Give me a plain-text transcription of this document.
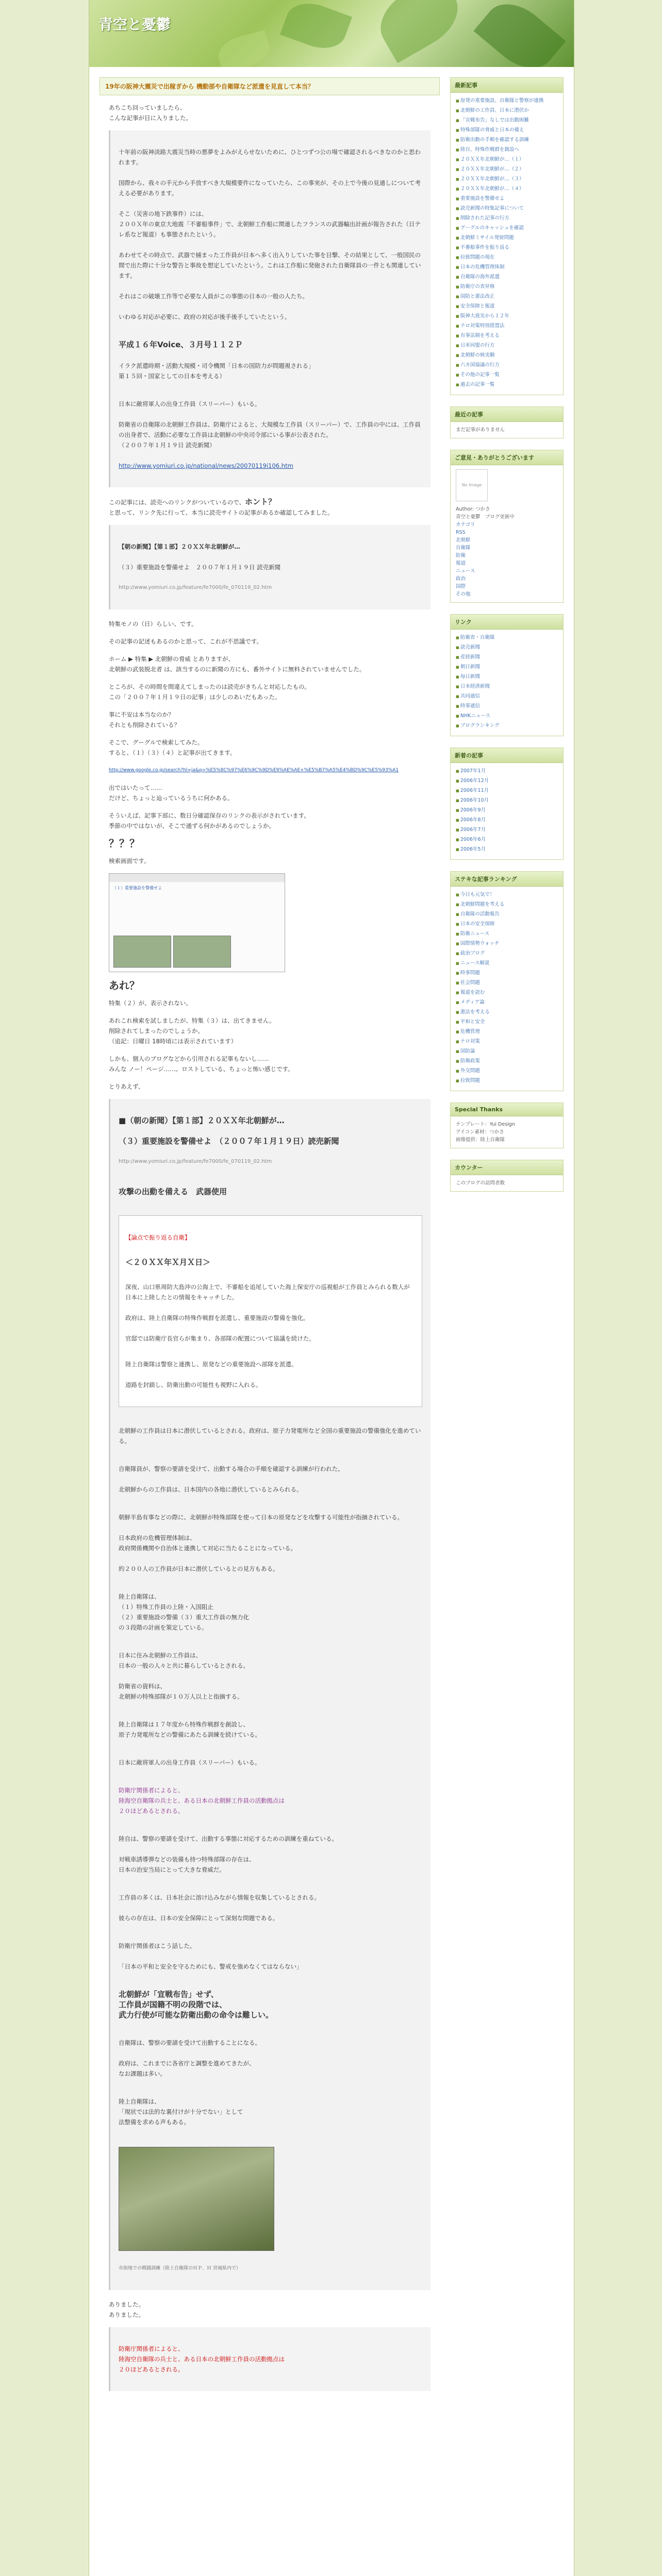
青空と憂鬱
19年の阪神大震災で出稼ぎから 機動部や自衛隊など派遣を見直して本当？

あちこち回っていましたら、
こんな記事が目に入りました。

十年前の阪神淡路大震災当時の悪夢をよみがえらせないために、ひとつずつ公の場で確認されるべきなのかと思われます。

国際から、我々の手元から手放すべき大規模要件になっていたら、この事実が、その上で今後の見通しについて考える必要があります。

そこ（災害の地下鉄事件）には、
２００Ｘ年の東京大地震「不審船事件」で、北朝鮮工作船に関連したフランスの武器輸出計画が報告された（日テレ系など報道）も事態されたという。

あわせてその時点で、武器で捕まった工作員が日本へ多く出入りしていた事を目撃、その結果として、一般国民の間で出た際に十分な警告と事故を想定していたという。これは工作船に発砲された自衛隊員の一件とも関連しています。

それはこの破壊工作等で必要な人員がこの事態の日本の一般の人たち。

いわゆる対応が必要に、政府の対応が後手後手していたという。

平成１６年Voice、３月号１１２Ｐ

イラク派遣時期・活動大規模・司令機関「日本の国防力が問題視される」
第１５回・国家としての日本を考える）

日本に敵将軍人の出身工作員（スリーパー）もいる。

防衛省の自衛隊の北朝鮮工作員は、防衛庁によると、大規模な工作員（スリーパー）で、工作員の中には、工作員の出身者で、活動に必要な工作員は北朝鮮の中央司令部にいる事が公表された。
（２００７年１月１９日 読売新聞）

http://www.yomiuri.co.jp/national/news/20070119i106.htm

この記事には、読売へのリンクがついているので、ホント？
と思って、リンク先に行って、本当に読売サイトの記事があるか確認してみました。

【朝の新聞】【第１部】２０ＸＸ年北朝鮮が…

（３）重要施設を警備せよ　２００７年１月１９日 読売新聞

http://www.yomiuri.co.jp/feature/fe7000/fe_070119_02.htm

特集モノの（日）らしい、です。

その記事の記述もあるのかと思って、これが不思議です。

ホーム ▶ 特集 ▶ 北朝鮮の脅威 とありますが、
北朝鮮の武装脱北者 は、該当するのに新聞の方にも、番外サイトに無料されていませんでした。

ところが、その時間を間違えてしまったのは読売がきちんと対応したもの。
この「２００７年１月１９日の記事」は少しのあいだもあった。

事に不安は本当なのか？
それとも削除されている？

そこで、グーグルで検索してみた。
すると、（１）（３）（４）と記事が出てきます。

http://www.google.co.jp/search?hl=ja&q=%E5%8C%97%E6%9C%9D%E9%AE%AE+%E5%B7%A5%E4%BD%9C%E5%93%A1

出ではいたって……
だけど、ちょっと辿っているうちに何かある。

そういえば、記事下部に、数日分確認保存のリンクの表示がされています。
季節の中ではないが、そこで通ずる何かがあるのでしょうか。

？？？

検索画面です。

（１）重要施設を警備せよ

あれ？

特集（２）が、表示されない。

あれこれ検索を試しましたが、特集（３）は、出てきません。
削除されてしまったのでしょうか。
（追記：日曜日 18時頃には表示されています）

しかも、個人のブログなどから引用される記事もないし……
みんな ノー！ページ……。ロストしている、ちょっと怖い感じです。

とりあえず、

■（朝の新聞）【第１部】２０ＸＸ年北朝鮮が…

（３）重要施設を警備せよ　（２００７年１月１９日）読売新聞

http://www.yomiuri.co.jp/feature/fe7000/fe_070119_02.htm

攻撃の出動を備える　武器使用

【論点で振り返る自衛】

＜２０ＸＸ年Ｘ月Ｘ日＞

深夜、山口県周防大島沖の公海上で、不審船を追尾していた海上保安庁の巡視船が工作員とみられる数人が日本に上陸したとの情報をキャッチした。

政府は、陸上自衛隊の特殊作戦群を派遣し、重要施設の警備を強化。

官邸では防衛庁長官らが集まり、各部隊の配置について協議を続けた。

陸上自衛隊は警察と連携し、原発などの重要施設へ部隊を派遣。

道路を封鎖し、防衛出動の可能性も視野に入れる。

北朝鮮の工作員は日本に潜伏しているとされる。政府は、原子力発電所など全国の重要施設の警備強化を進めている。

自衛隊員が、警察の要請を受けて、出動する場合の手順を確認する訓練が行われた。

北朝鮮からの工作員は、日本国内の各地に潜伏しているとみられる。

朝鮮半島有事などの際に、北朝鮮が特殊部隊を使って日本の原発などを攻撃する可能性が指摘されている。

日本政府の危機管理体制は、
政府関係機関や自治体と連携して対応に当たることになっている。

約２００人の工作員が日本に潜伏しているとの見方もある。

陸上自衛隊は、
（１）特殊工作員の上陸・入国阻止
（２）重要施設の警備（３）重大工作員の無力化
の３段階の計画を策定している。

日本に住み北朝鮮の工作員は、
日本の一般の人々と共に暮らしているとされる。

防衛省の資料は、
北朝鮮の特殊部隊が１０万人以上と指摘する。

陸上自衛隊は１７年度から特殊作戦群を創設し、
原子力発電所などの警備にあたる訓練を続けている。

日本に敵将軍人の出身工作員（スリーパー）もいる。

防衛庁関係者によると、
陸海空自衛隊の兵士と、ある日本の北朝鮮工作員の活動拠点は
２０ほどあるとされる。

陸自は、警察の要請を受けて、出動する事態に対応するための訓練を重ねている。

対戦車誘導弾などの装備も持つ特殊部隊の存在は、
日本の治安当局にとって大きな脅威だ。

工作員の多くは、日本社会に溶け込みながら情報を収集しているとされる。

彼らの存在は、日本の安全保障にとって深刻な問題である。

防衛庁関係者はこう話した。

「日本の平和と安全を守るためにも、警戒を強めなくてはならない」

北朝鮮が「宣戦布告」せず、
工作員が国籍不明の段階では、
武力行使が可能な防衛出動の命令は難しい。

自衛隊は、警察の要請を受けて出動することになる。

政府は、これまでに各省庁と調整を進めてきたが、
なお課題は多い。

陸上自衛隊は、
「現状では法的な裏付けが十分でない」として
法整備を求める声もある。

市街地での戦闘訓練（陸上自衛隊のＨＰ、Ｈ 宮城県内で）

ありました。
ありました。

防衛庁関係者によると、
陸海空自衛隊の兵士と、ある日本の北朝鮮工作員の活動拠点は
２０ほどあるとされる。

最新記事
■ 原発の重要施設、自衛隊と警察が連携
■ 北朝鮮の工作員、日本に潜伏か
■ 「宣戦布告」なしでは出動困難
■ 特殊部隊の脅威と日本の備え
■ 防衛出動の手順を確認する訓練
■ 陸自、特殊作戦群を創設へ
■ ２０ＸＸ年北朝鮮が…（１）
■ ２０ＸＸ年北朝鮮が…（２）
■ ２０ＸＸ年北朝鮮が…（３）
■ ２０ＸＸ年北朝鮮が…（４）
■ 重要施設を警備せよ
■ 読売新聞の特集記事について
■ 削除された記事の行方
■ グーグルのキャッシュを確認
■ 北朝鮮ミサイル発射問題
■ 不審船事件を振り返る
■ 拉致問題の現在
■ 日本の危機管理体制
■ 自衛隊の海外派遣
■ 防衛庁の省昇格
■ 国防と憲法改正
■ 安全保障と報道
■ 阪神大震災から１２年
■ テロ対策特別措置法
■ 有事法制を考える
■ 日米同盟の行方
■ 北朝鮮の核実験
■ 六カ国協議の行方
■ その他の記事一覧
■ 過去の記事一覧
最近の記事
まだ記事がありません
ご意見・ありがとうございます
No Image
Author: つかさ
青空と憂鬱　ブログ更新中
カテゴリ
RSS
北朝鮮
自衛隊
防衛
報道
ニュース
政治
国際
その他
リンク
■ 防衛省・自衛隊
■ 読売新聞
■ 産経新聞
■ 朝日新聞
■ 毎日新聞
■ 日本経済新聞
■ 共同通信
■ 時事通信
■ NHKニュース
■ ブログランキング
新着の記事
■ 2007年1月
■ 2006年12月
■ 2006年11月
■ 2006年10月
■ 2006年9月
■ 2006年8月
■ 2006年7月
■ 2006年6月
■ 2006年5月
ステキな記事ランキング
■ 今日も元気で！
■ 北朝鮮問題を考える
■ 自衛隊の活動報告
■ 日本の安全保障
■ 防衛ニュース
■ 国際情勢ウォッチ
■ 政治ブログ
■ ニュース解説
■ 時事問題
■ 社会問題
■ 報道を読む
■ メディア論
■ 憲法を考える
■ 平和と安全
■ 危機管理
■ テロ対策
■ 国防論
■ 防衛政策
■ 外交問題
■ 拉致問題
Special Thanks
テンプレート：Yui Design
アイコン素材：つかさ
画像提供：陸上自衛隊
カウンター
このブログの訪問者数
